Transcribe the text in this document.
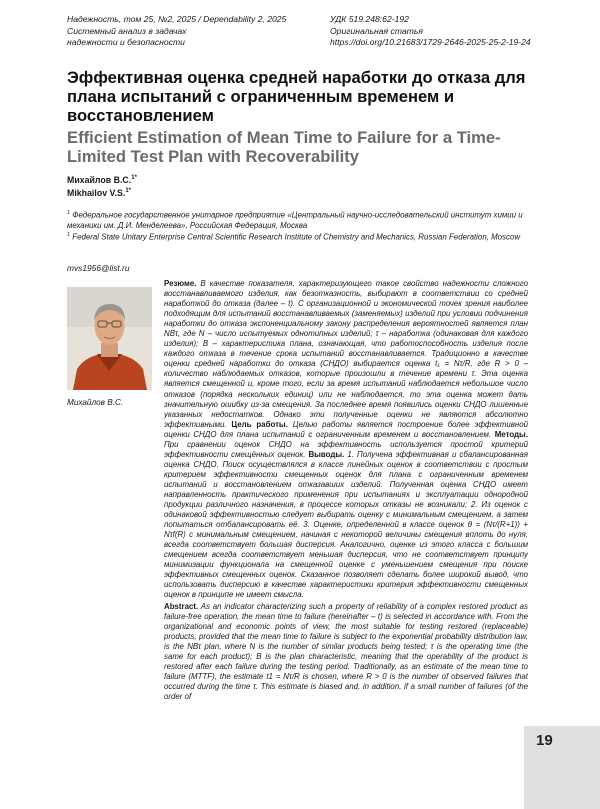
Надежность, том 25, №2, 2025 / Dependability 2, 2025
Системный анализ в задачах
надежности и безопасности
УДК 519.248:62-192
Оригинальная статья
https://doi.org/10.21683/1729-2646-2025-25-2-19-24
Эффективная оценка средней наработки до отказа для плана испытаний с ограниченным временем и восстановлением
Efficient Estimation of Mean Time to Failure for a Time-Limited Test Plan with Recoverability
Михайлов В.С.$^{1*}$
Mikhailov V.S.$^{1*}$
$^1$ Федеральное государственное унитарное предприятие «Центральный научно-исследовательский институт химии и механики им. Д.И. Менделеева», Российская Федерация, Москва
$^1$ Federal State Unitary Enterprise Central Scientific Research Institute of Chemistry and Mechanics, Russian Federation, Moscow
mvs1956@list.ru
Михайлов В.С.

Резюме. В качестве показателя, характеризующего такое свойство надежности сложного восстанавливаемого изделия, как безотказность, выбирают в соответствии со средней наработкой до отказа (далее – t). С организационной и экономической точек зрения наиболее подходящим для испытаний восстанавливаемых (заменяемых) изделий при условии подчинения наработки до отказа экспоненциальному закону распределения вероятностей является план NBτ, где N – число испытуемых однотипных изделий; τ – наработка (одинаковая для каждого изделия); B – характеристика плана, означающая, что работоспособность изделия после каждого отказа в течение срока испытаний восстанавливается. Традиционно в качестве оценки средней наработки до отказа (СНДО) выбирается оценка t₁ = Nτ/R, где R > 0 – количество наблюдаемых отказов, которые произошли в течение времени τ. Эта оценка является смещенной и, кроме того, если за время испытаний наблюдается небольшое число отказов (порядка нескольких единиц) или не наблюдается, то эта оценка может дать значительную ошибку из-за смещения. За последнее время появились оценки СНДО лишенные указанных недостатков. Однако эти полученные оценки не являются абсолютно эффективными. Цель работы. Целью работы является построение более эффективной оценки СНДО для плана испытаний с ограниченным временем и восстановлением. Методы. При сравнении оценок СНДО на эффективность используется простой критерий эффективности смещённых оценок. Выводы. 1. Получена эффективная и сбалансированная оценка СНДО. Поиск осуществлялся в классе линейных оценок в соответствии с простым критерием эффективности смещенных оценок для плана с ограниченным временем испытаний и восстановлением отказавших изделий. Полученная оценка СНДО имеет направленность практического применения при испытаниях и эксплуатации однородной продукции различного назначения, в процессе которых отказы не возникали; 2. Из оценок с одинаковой эффективностью следует выбирать оценку с минимальным смещением, а затем попытаться отбалансировать её. 3. Оценке, определенной в классе оценок θ = (Nτ/(R+1)) + Nτf(R) с минимальным смещением, начиная с некоторой величины смещения вплоть до нуля, всегда соответствует большая дисперсия. Аналогично, оценке из этого класса с большим смещением всегда соответствует меньшая дисперсия, что не соответствует принципу минимизации функционала на смещенной оценке с уменьшением смещения при поиске эффективных смещенных оценок. Сказанное позволяет сделать более широкий вывод, что использовать дисперсию в качестве характеристики критерия эффективности смещенных оценок в принципе не имеет смысла.

Abstract. As an indicator characterizing such a property of reliability of a complex restored product as failure-free operation, the mean time to failure (hereinafter – t) is selected in accordance with. From the organizational and economic points of view, the most suitable for testing restored (replaceable) products, provided that the mean time to failure is subject to the exponential probability distribution law, is the NBτ plan, where N is the number of similar products being tested; τ is the operating time (the same for each product); B is the plan characteristic, meaning that the operability of the product is restored after each failure during the testing period. Traditionally, as an estimate of the mean time to failure (MTTF), the estimate t1 = Nτ/R is chosen, where R > 0 is the number of observed failures that occurred during the time τ. This estimate is biased and, in addition, if a small number of failures (of the order of

19
